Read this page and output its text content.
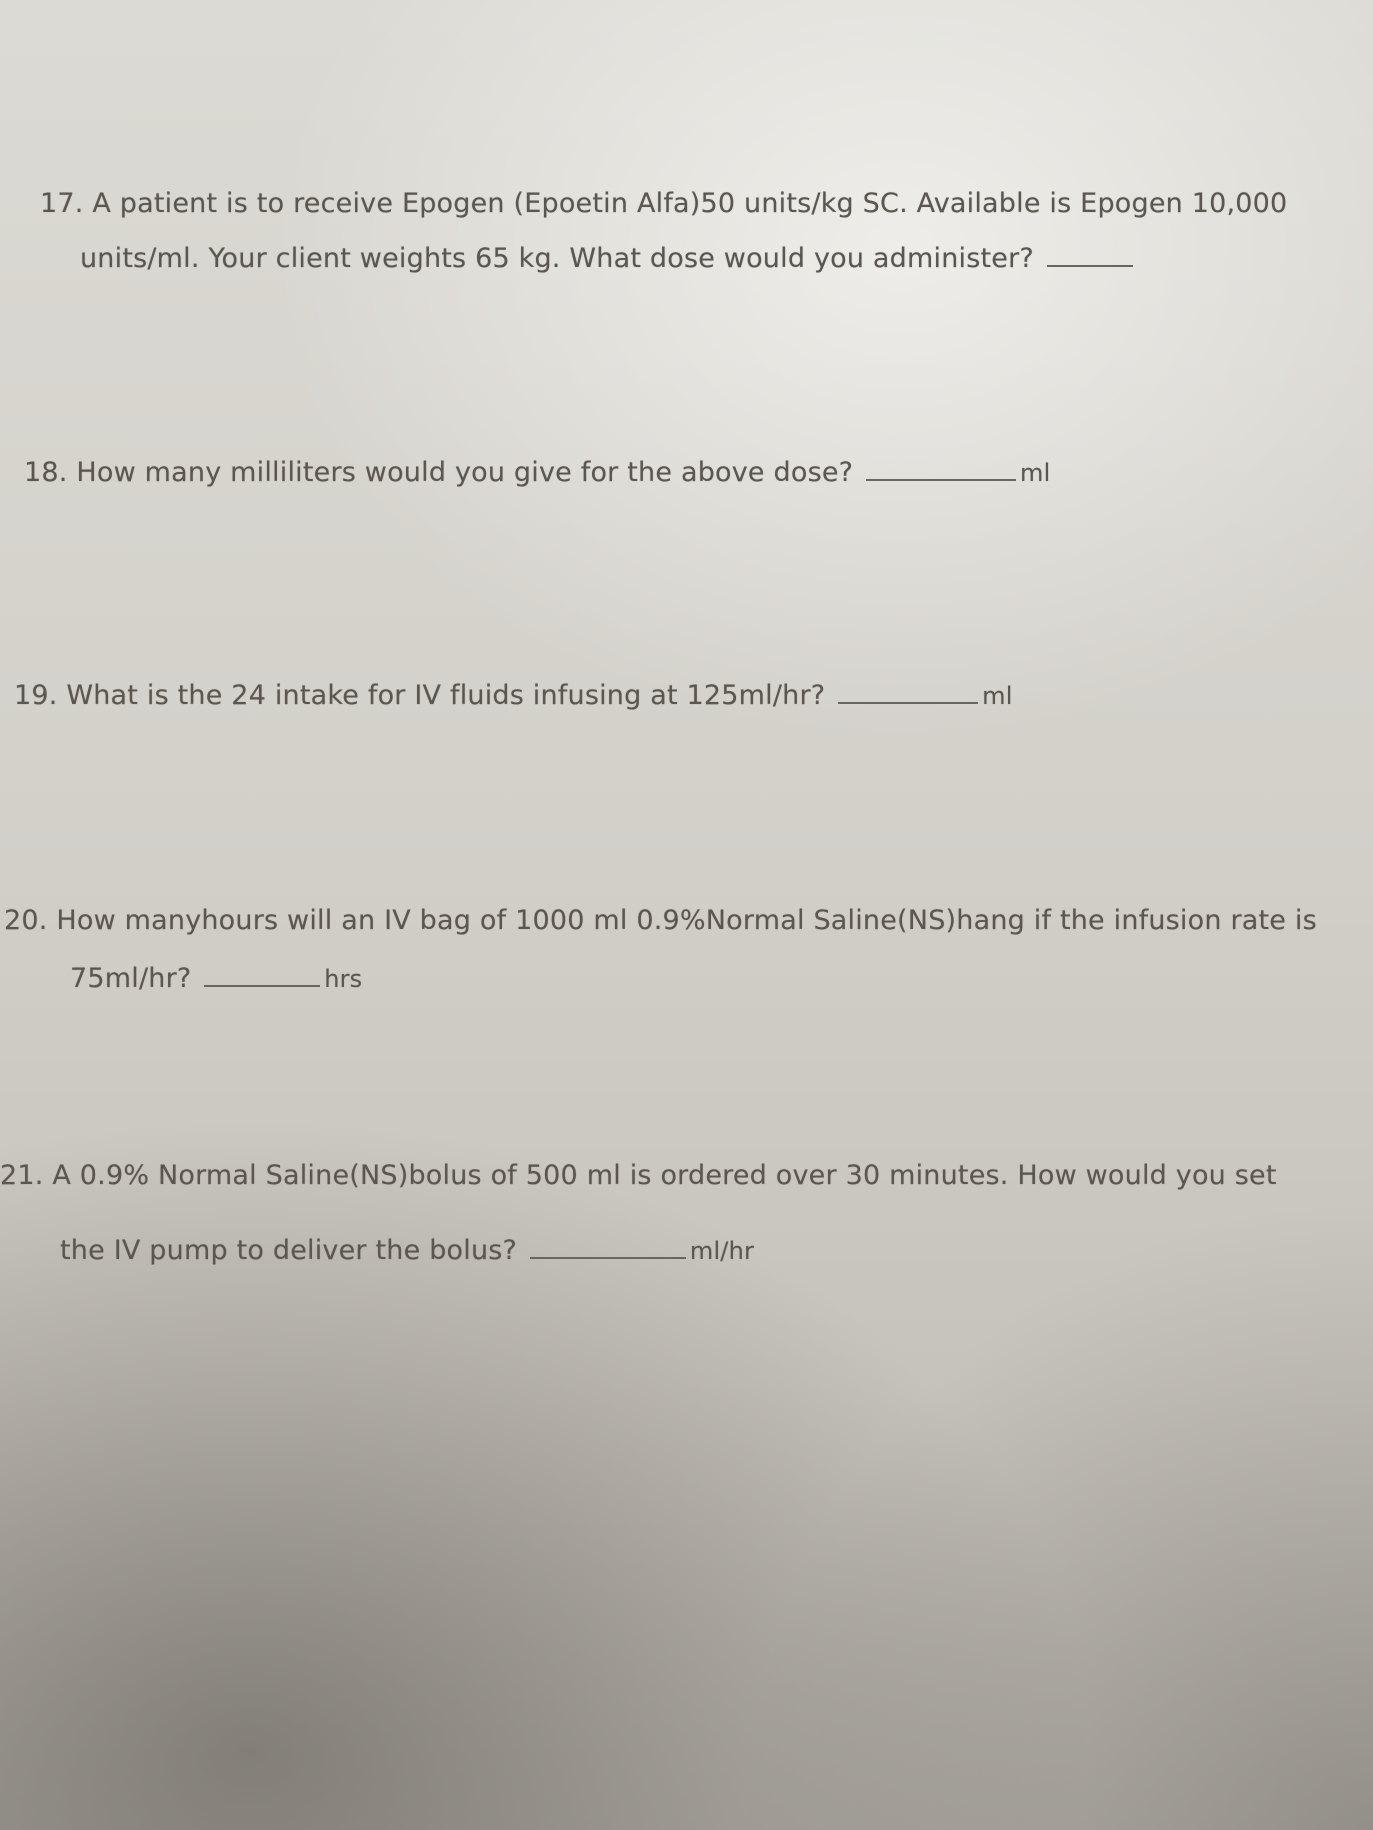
17. A patient is to receive Epogen (Epoetin Alfa)50 units/kg SC. Available is Epogen 10,000
units/ml. Your client weights 65 kg. What dose would you administer?
18. How many milliliters would you give for the above dose?	ml
19. What is the 24 intake for IV fluids infusing at 125ml/hr?	ml
20. How manyhours will an IV bag of 1000 ml 0.9%Normal Saline(NS)hang if the infusion rate is
75ml/hr?	hrs
21. A 0.9% Normal Saline(NS)bolus of 500 ml is ordered over 30 minutes. How would you set
the IV pump to deliver the bolus?	ml/hr
